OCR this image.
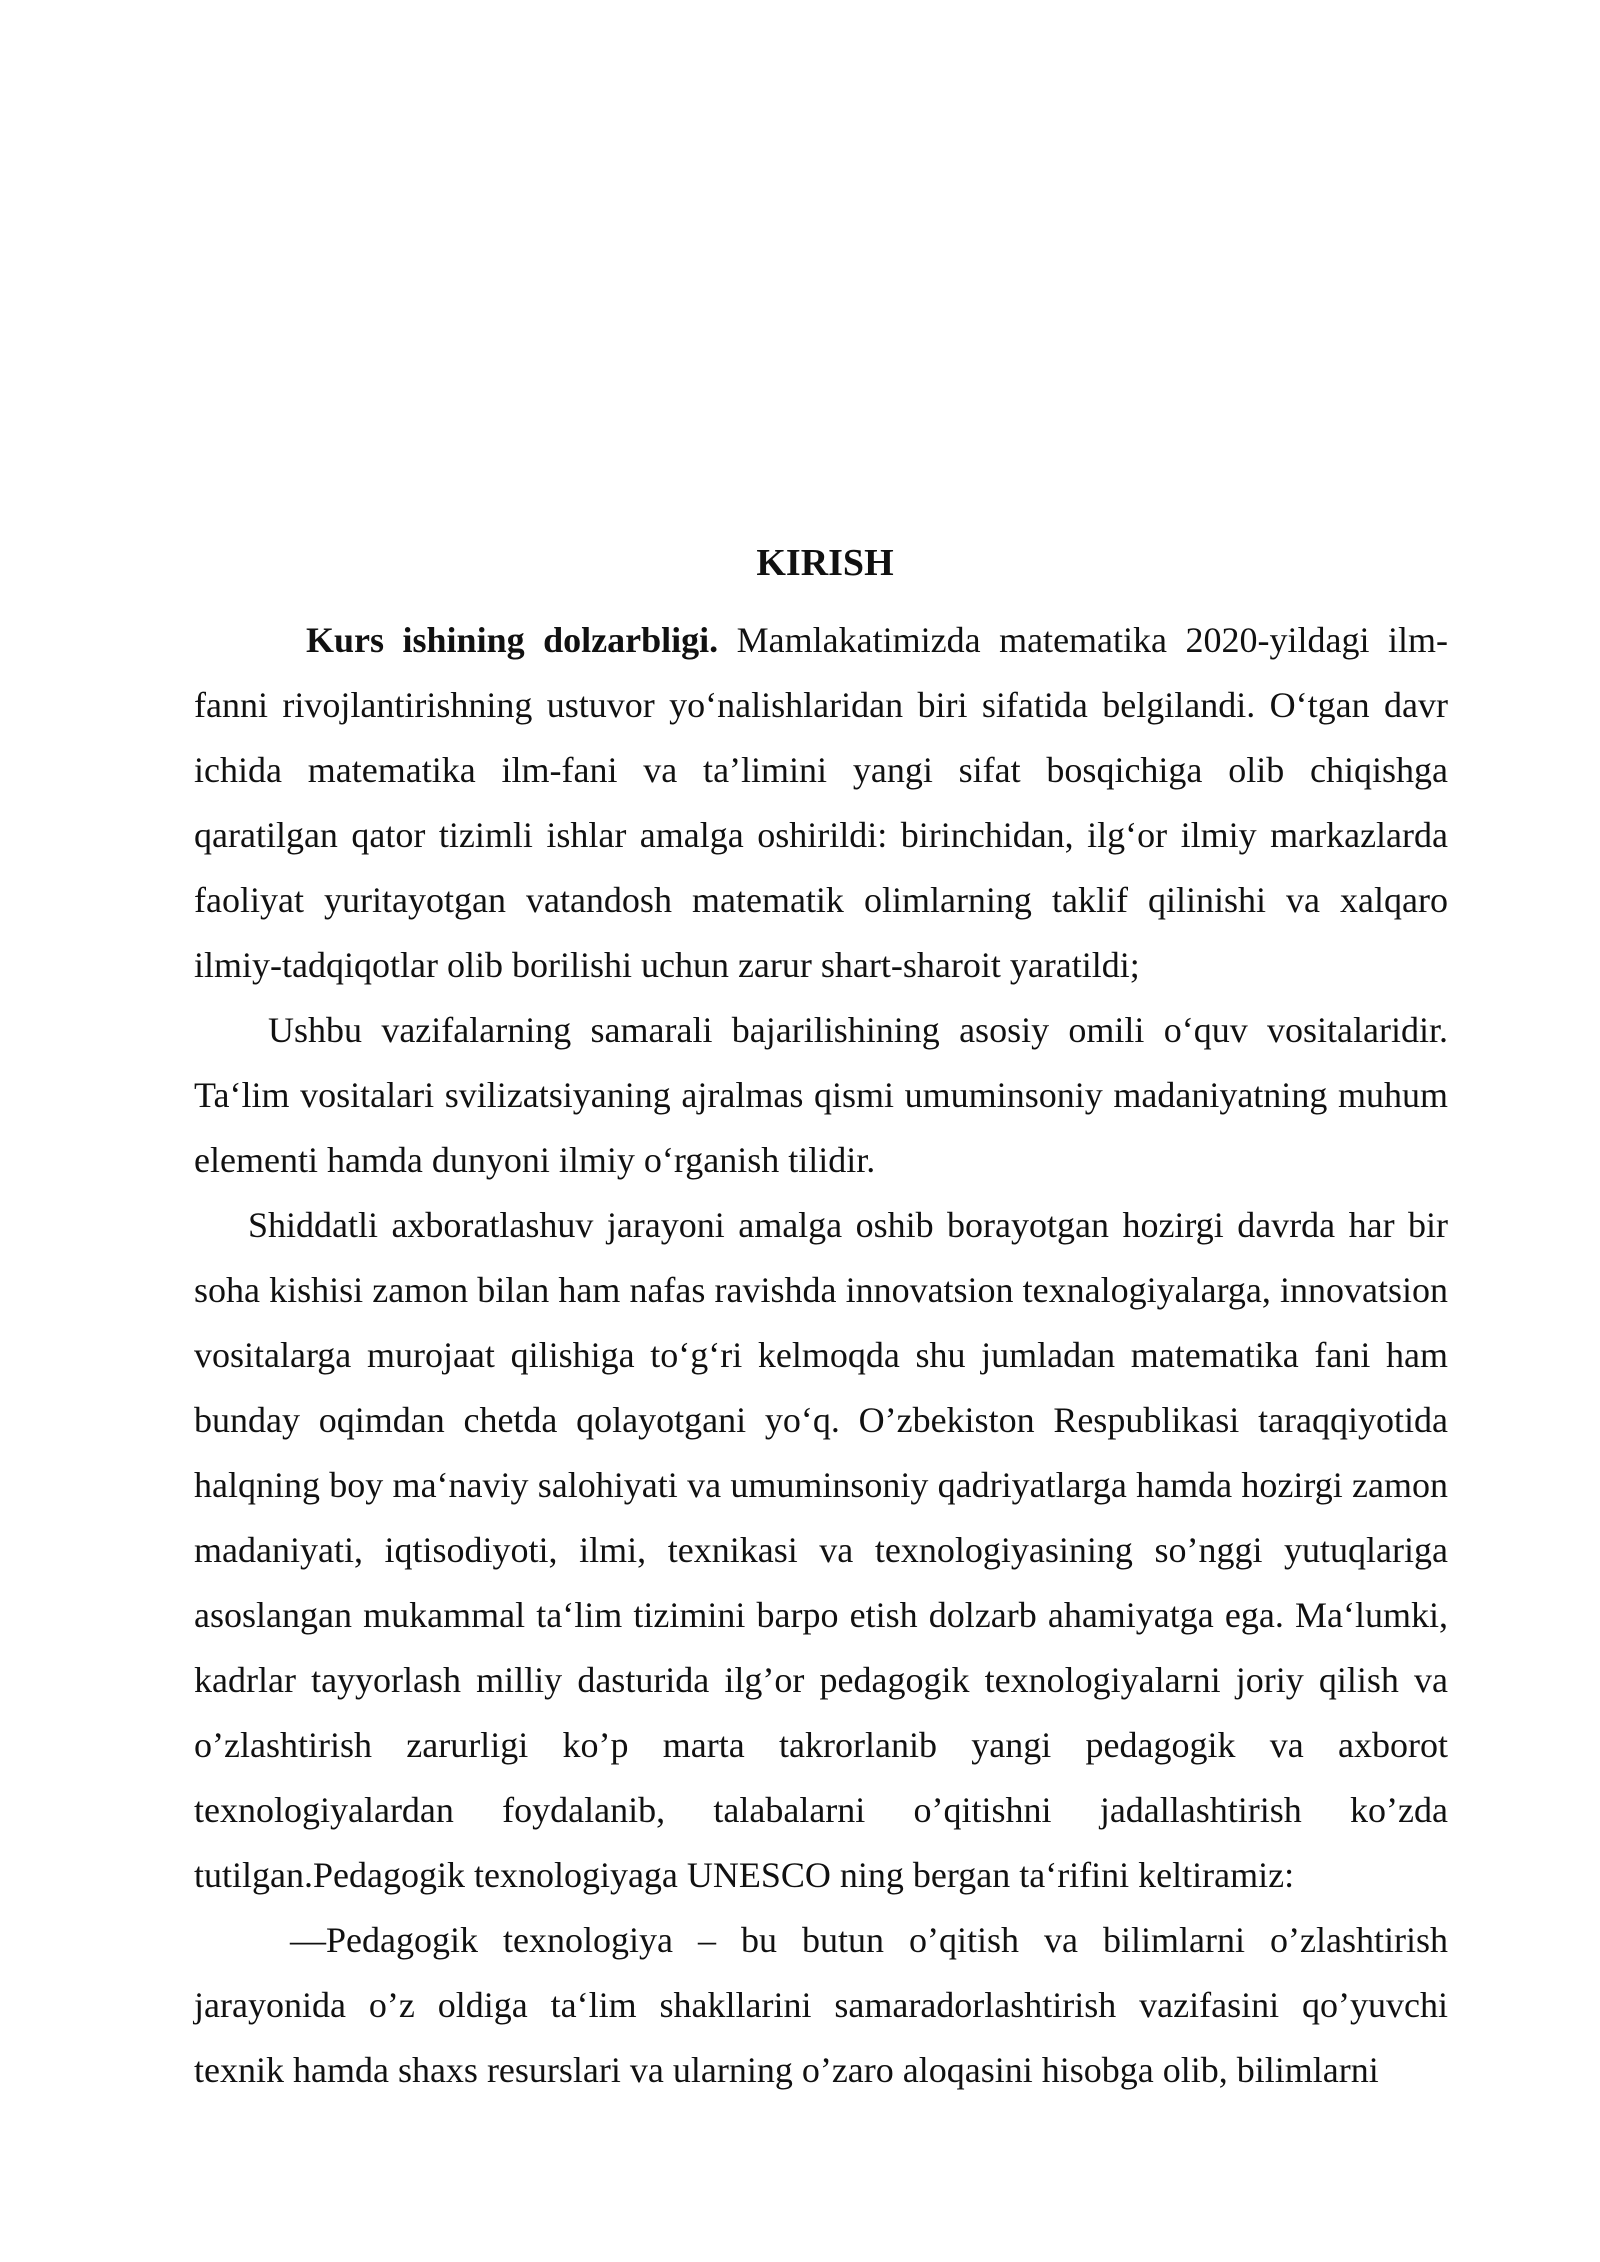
KIRISH

Kurs ishining dolzarbligi. Mamlakatimizda matematika 2020-yildagi ilm-fanni rivojlantirishning ustuvor yo‘nalishlaridan biri sifatida belgilandi. O‘tgan davr ichida matematika ilm-fani va ta’limini yangi sifat bosqichiga olib chiqishga qaratilgan qator tizimli ishlar amalga oshirildi: birinchidan, ilg‘or ilmiy markazlarda faoliyat yuritayotgan vatandosh matematik olimlarning taklif qilinishi va xalqaro ilmiy-tadqiqotlar olib borilishi uchun zarur shart-sharoit yaratildi;

Ushbu vazifalarning samarali bajarilishining asosiy omili o‘quv vositalaridir. Ta‘lim vositalari svilizatsiyaning ajralmas qismi umuminsoniy madaniyatning muhum elementi hamda dunyoni ilmiy o‘rganish tilidir.

Shiddatli axboratlashuv jarayoni amalga oshib borayotgan hozirgi davrda har bir soha kishisi zamon bilan ham nafas ravishda innovatsion texnalogiyalarga, innovatsion vositalarga murojaat qilishiga to‘g‘ri kelmoqda shu jumladan matematika fani ham bunday oqimdan chetda qolayotgani yo‘q. O’zbekiston Respublikasi taraqqiyotida halqning boy ma‘naviy salohiyati va umuminsoniy qadriyatlarga hamda hozirgi zamon madaniyati, iqtisodiyoti, ilmi, texnikasi va texnologiyasining so’nggi yutuqlariga asoslangan mukammal ta‘lim tizimini barpo etish dolzarb ahamiyatga ega. Ma‘lumki, kadrlar tayyorlash milliy dasturida ilg’or pedagogik texnologiyalarni joriy qilish va o’zlashtirish zarurligi ko’p marta takrorlanib yangi pedagogik va axborot texnologiyalardan foydalanib, talabalarni o’qitishni jadallashtirish ko’zda tutilgan.Pedagogik texnologiyaga UNESCO ning bergan ta‘rifini keltiramiz:

—Pedagogik texnologiya – bu butun o’qitish va bilimlarni o’zlashtirish jarayonida o’z oldiga ta‘lim shakllarini samaradorlashtirish vazifasini qo’yuvchi texnik hamda shaxs resurslari va ularning o’zaro aloqasini hisobga olib, bilimlarni
